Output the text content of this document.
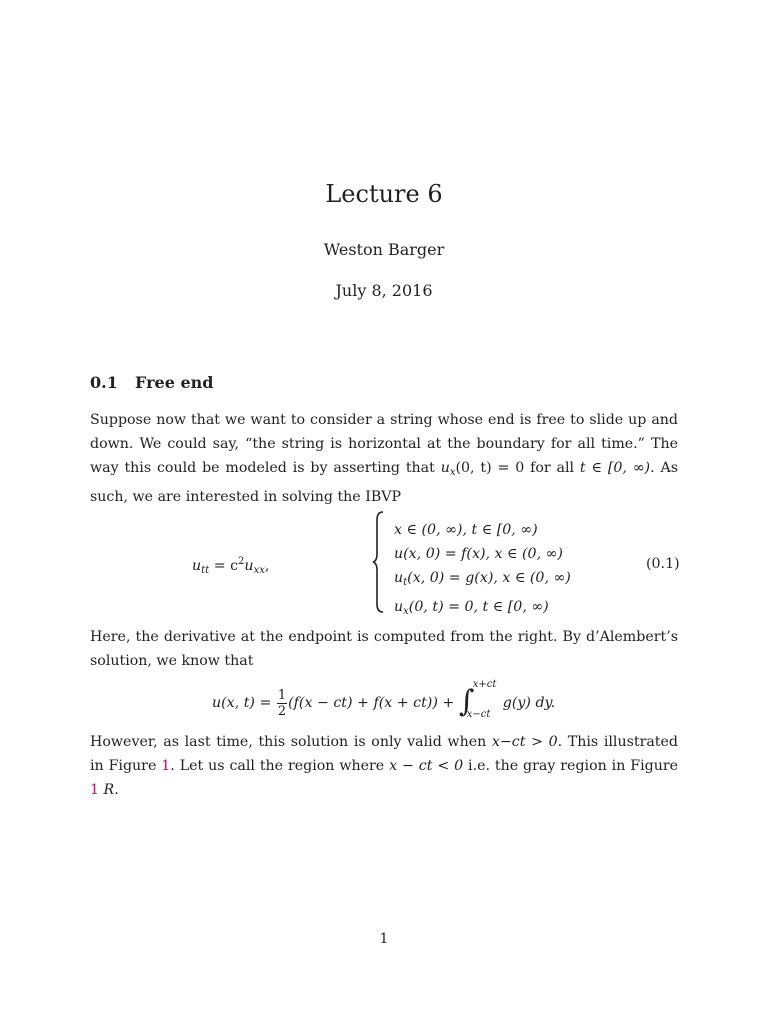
Lecture 6
Weston Barger
July 8, 2016
0.1 Free end
Suppose now that we want to consider a string whose end is free to slide up and down. We could say, “the string is horizontal at the boundary for all time.” The way this could be modeled is by asserting that $u_x(0$, t) = 0 for all t ∈ [0, ∞). As such, we are interested in solving the IBVP
$u_{tt} = c^2u_{xx}$,
x ∈ (0, ∞), t ∈ [0, ∞)
u(x, 0) = f(x), x ∈ (0, ∞)
$u_t(x$, 0) = g(x), x ∈ (0, ∞)
$u_x(0$, t) = 0, t ∈ [0, ∞)
(0.1)
Here, the derivative at the endpoint is computed from the right. By d’Alembert’s solution, we know that
u(x, $t) = \frac{1}{2} (f(x - ct) + f(x + ct))$ + ∫
x+ct
x−ct
g(y) dy.
However, as last time, this solution is only valid when x−ct > 0. This illustrated in Figure 1. Let us call the region where x − ct < 0 i.e. the gray region in Figure 1 R.
1
